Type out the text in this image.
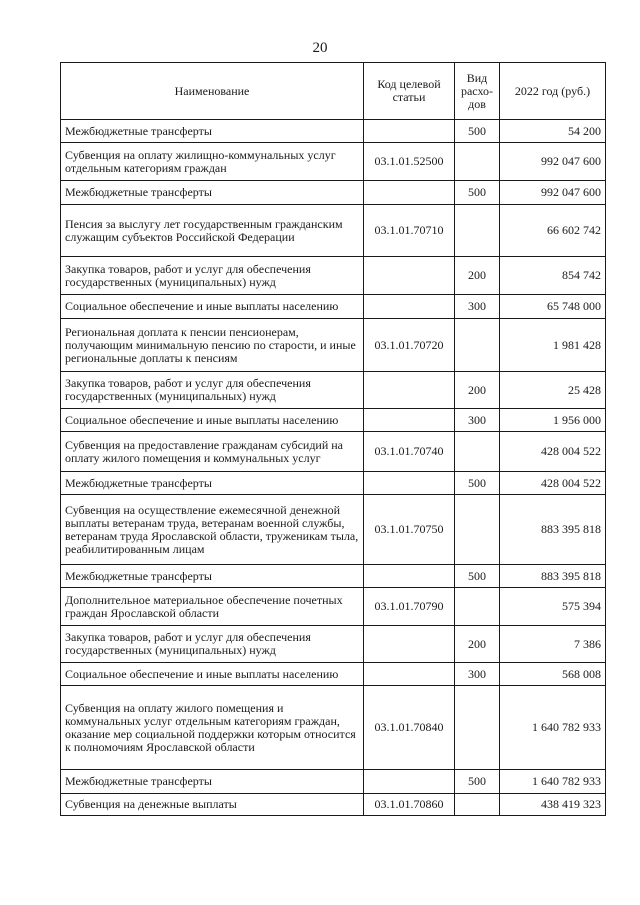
20
Наименование	Код целевой статьи	Вид расхо-дов	2022 год (руб.)
Межбюджетные трансферты		500	54 200
Субвенция на оплату жилищно-коммунальных услуг отдельным категориям граждан	03.1.01.52500		992 047 600
Межбюджетные трансферты		500	992 047 600
Пенсия за выслугу лет государственным гражданским служащим субъектов Российской Федерации	03.1.01.70710		66 602 742
Закупка товаров, работ и услуг для обеспечения государственных (муниципальных) нужд		200	854 742
Социальное обеспечение и иные выплаты населению		300	65 748 000
Региональная доплата к пенсии пенсионерам, получающим минимальную пенсию по старости, и иные региональные доплаты к пенсиям	03.1.01.70720		1 981 428
Закупка товаров, работ и услуг для обеспечения государственных (муниципальных) нужд		200	25 428
Социальное обеспечение и иные выплаты населению		300	1 956 000
Субвенция на предоставление гражданам субсидий на оплату жилого помещения и коммунальных услуг	03.1.01.70740		428 004 522
Межбюджетные трансферты		500	428 004 522
Субвенция на осуществление ежемесячной денежной выплаты ветеранам труда, ветеранам военной службы, ветеранам труда Ярославской области, труженикам тыла, реабилитированным лицам	03.1.01.70750		883 395 818
Межбюджетные трансферты		500	883 395 818
Дополнительное материальное обеспечение почетных граждан Ярославской области	03.1.01.70790		575 394
Закупка товаров, работ и услуг для обеспечения государственных (муниципальных) нужд		200	7 386
Социальное обеспечение и иные выплаты населению		300	568 008
Субвенция на оплату жилого помещения и коммунальных услуг отдельным категориям граждан, оказание мер социальной поддержки которым относится к полномочиям Ярославской области	03.1.01.70840		1 640 782 933
Межбюджетные трансферты		500	1 640 782 933
Субвенция на денежные выплаты	03.1.01.70860		438 419 323
